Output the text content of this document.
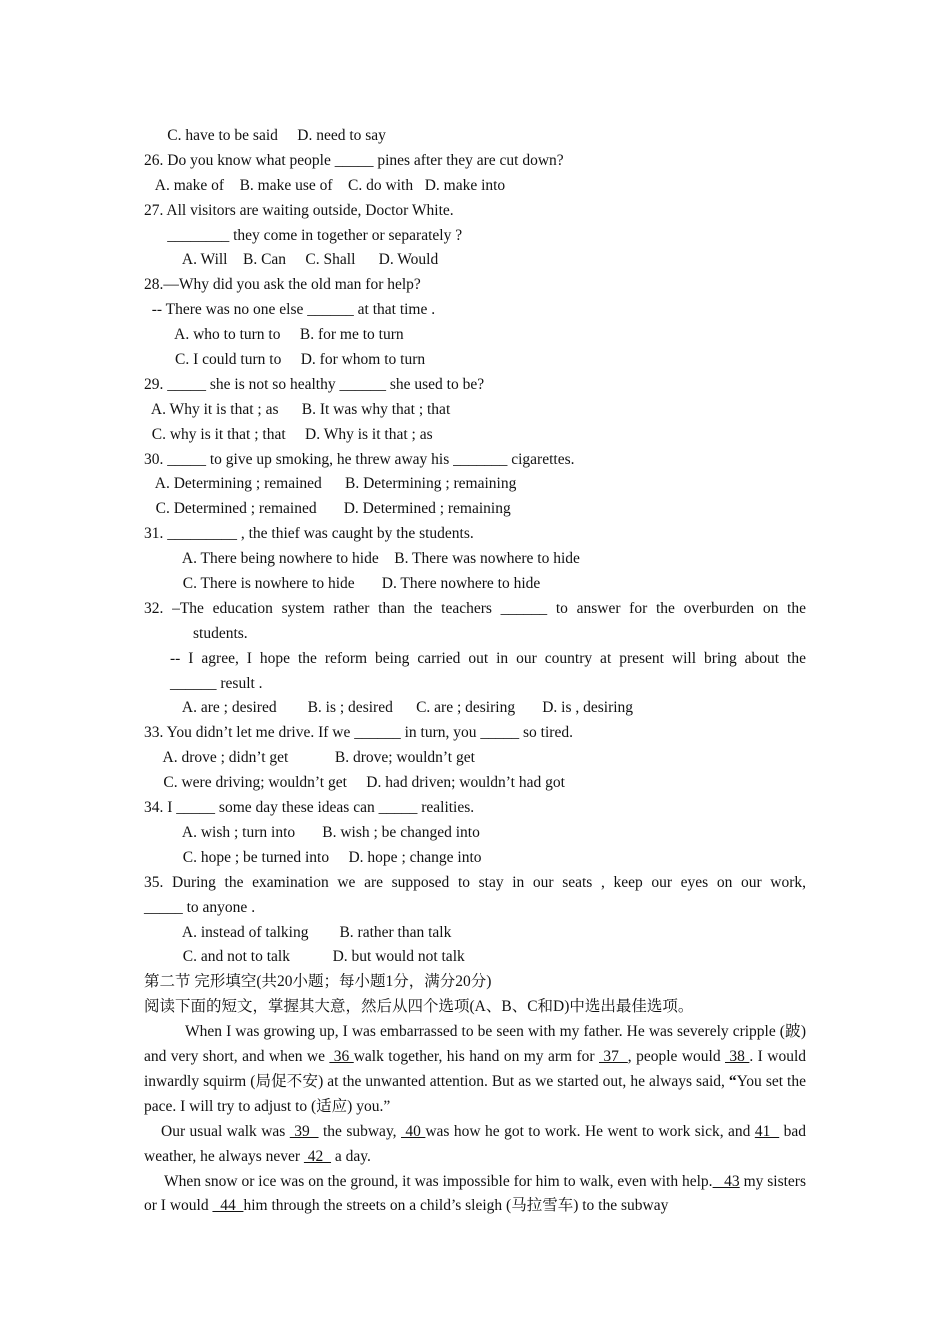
C. have to be said     D. need to say
26. Do you know what people _____ pines after they are cut down?
A. make of    B. make use of    C. do with   D. make into
27. All visitors are waiting outside, Doctor White.
________ they come in together or separately ?
A. Will    B. Can     C. Shall      D. Would
28.—Why did you ask the old man for help?
-- There was no one else ______ at that time .
A. who to turn to     B. for me to turn
C. I could turn to     D. for whom to turn
29. _____ she is not so healthy ______ she used to be?
A. Why it is that ; as      B. It was why that ; that
C. why is it that ; that     D. Why is it that ; as
30. _____ to give up smoking, he threw away his _______ cigarettes.
A. Determining ; remained      B. Determining ; remaining
C. Determined ; remained       D. Determined ; remaining
31. _________ , the thief was caught by the students.
A. There being nowhere to hide    B. There was nowhere to hide
C. There is nowhere to hide       D. There nowhere to hide
32. –The education system rather than the teachers ______ to answer for the overburden on the
students.
-- I agree, I hope the reform being carried out in our country at present will bring about the
______ result .
A. are ; desired        B. is ; desired      C. are ; desiring       D. is , desiring
33. You didn’t let me drive. If we ______ in turn, you _____ so tired.
A. drove ; didn’t get            B. drove; wouldn’t get
C. were driving; wouldn’t get     D. had driven; wouldn’t had got
34. I _____ some day these ideas can _____ realities.
A. wish ; turn into       B. wish ; be changed into
C. hope ; be turned into     D. hope ; change into
35. During the examination we are supposed to stay in our seats , keep our eyes on our work,
_____ to anyone .
A. instead of talking        B. rather than talk
C. and not to talk           D. but would not talk
第二节 完形填空(共20小题；每小题1分，满分20分)
阅读下面的短文，掌握其大意，然后从四个选项(A、B、C和D)中选出最佳选项。
When I was growing up, I was embarrassed to be seen with my father. He was severely cripple (跛) and very short, and when we  36 walk together, his hand on my arm for  37  , people would  38 . I would inwardly squirm (局促不安) at the unwanted attention. But as we started out, he always said, “You set the pace. I will try to adjust to (适应) you.”
Our usual walk was  39   the subway,  40 was how he got to work. He went to work sick, and 41   bad weather, he always never  42   a day.
When snow or ice was on the ground, it was impossible for him to walk, even with help.   43 my sisters or I would   44  him through the streets on a child’s sleigh (马拉雪车) to the subway
